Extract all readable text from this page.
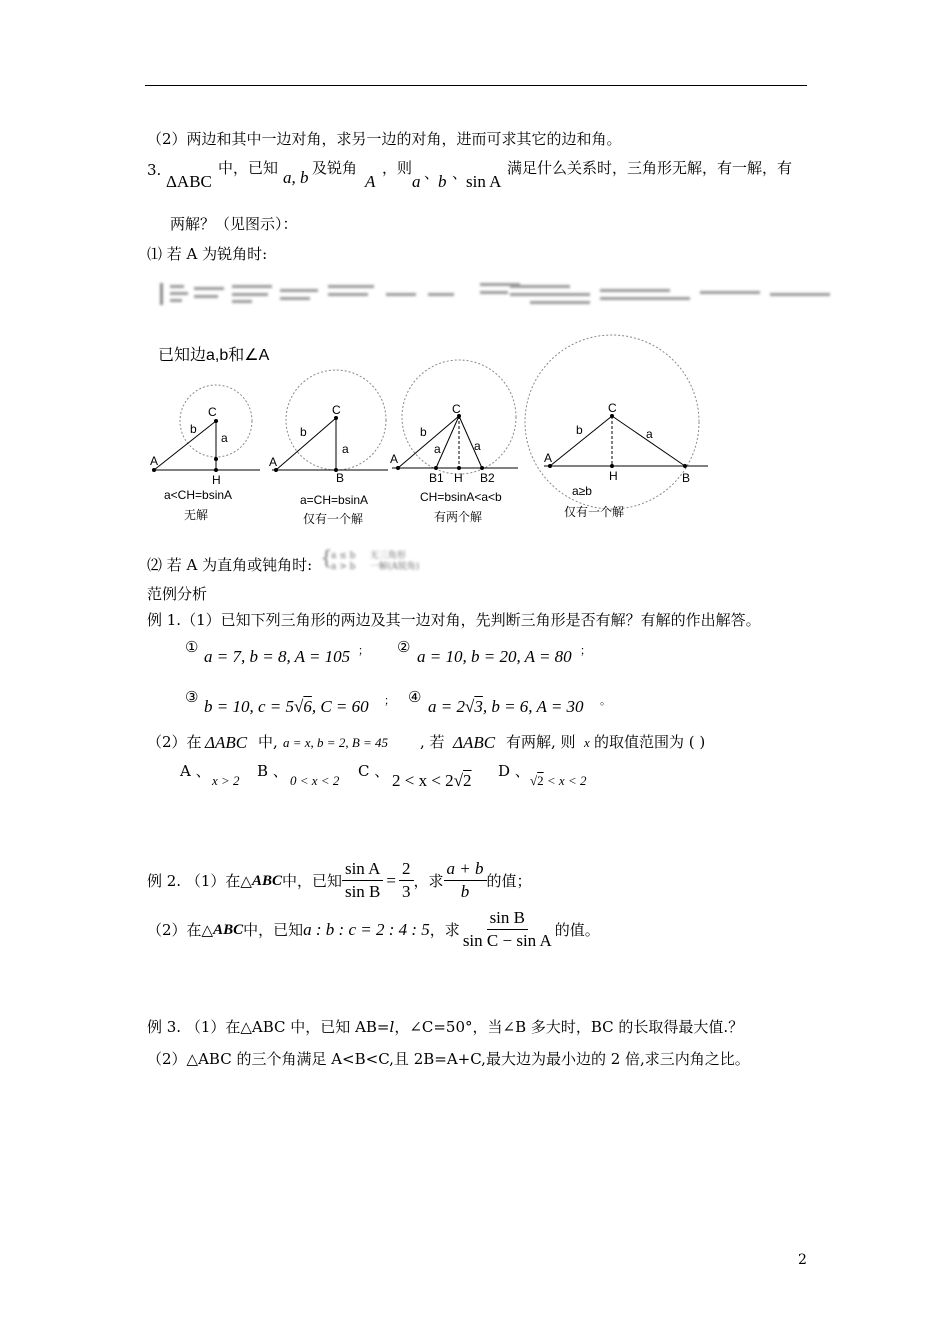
（2）两边和其中一边对角，求另一边的对角，进而可求其它的边和角。
3.
ΔABC
中，已知 a, b 及锐角
A
，则
a 、
b 、
sin A
满足什么关系时，三角形无解，有一解，有
两解？（见图示）：
⑴ 若 A 为锐角时:
已知边a,b和∠A
A
C
b
a
H
a<CH=bsinA
无解
A
C
b
a
B
a=CH=bsinA
仅有一个解
A
C
b
a	a
B1 H B2
CH=bsinA<a<b
有两个解
A
C
b	a
H	B
a≥b
仅有一个解
⑵ 若 A 为直角或钝角时: {
a ≤ b 无三角形
a > b 一解(A锐角)
范例分析
例 1.（1）已知下列三角形的两边及其一边对角，先判断三角形是否有解？有解的作出解答。
① a = 7, b = 8, A = 105 ； ② a = 10, b = 20, A = 80 ；
③ b = 10, c = 5√6, C = 60 ； ④ a = 2√3, b = 6, A = 30 。
（2）在 ΔABC 中, a = x, b = 2, B = 45 , 若 ΔABC 有两解, 则 x 的取值范围为 ( )
A 、
x > 2
B 、
0 < x < 2
C 、 2 < x < 2√2 D 、
√2 < x < 2
例 2. （1）在△ ABC 中，已知 $\frac{\text{sin A}}{\text{sin B}} = \frac{2}{3}$ ，求 $\frac{a + b}{b}$ 的值；
（2）在△ ABC 中，已知 a : b : c = 2 : 4 : 5 ，求 $\frac{\text{sin B}}{\text{sin C − sin A}}$ 的值。
例 3. （1）在△ABC 中，已知 AB=l，∠C=50°，当∠B 多大时，BC 的长取得最大值.？
（2）△ABC 的三个角满足 A<B<C,且 2B=A+C,最大边为最小边的 2 倍,求三内角之比。
2
